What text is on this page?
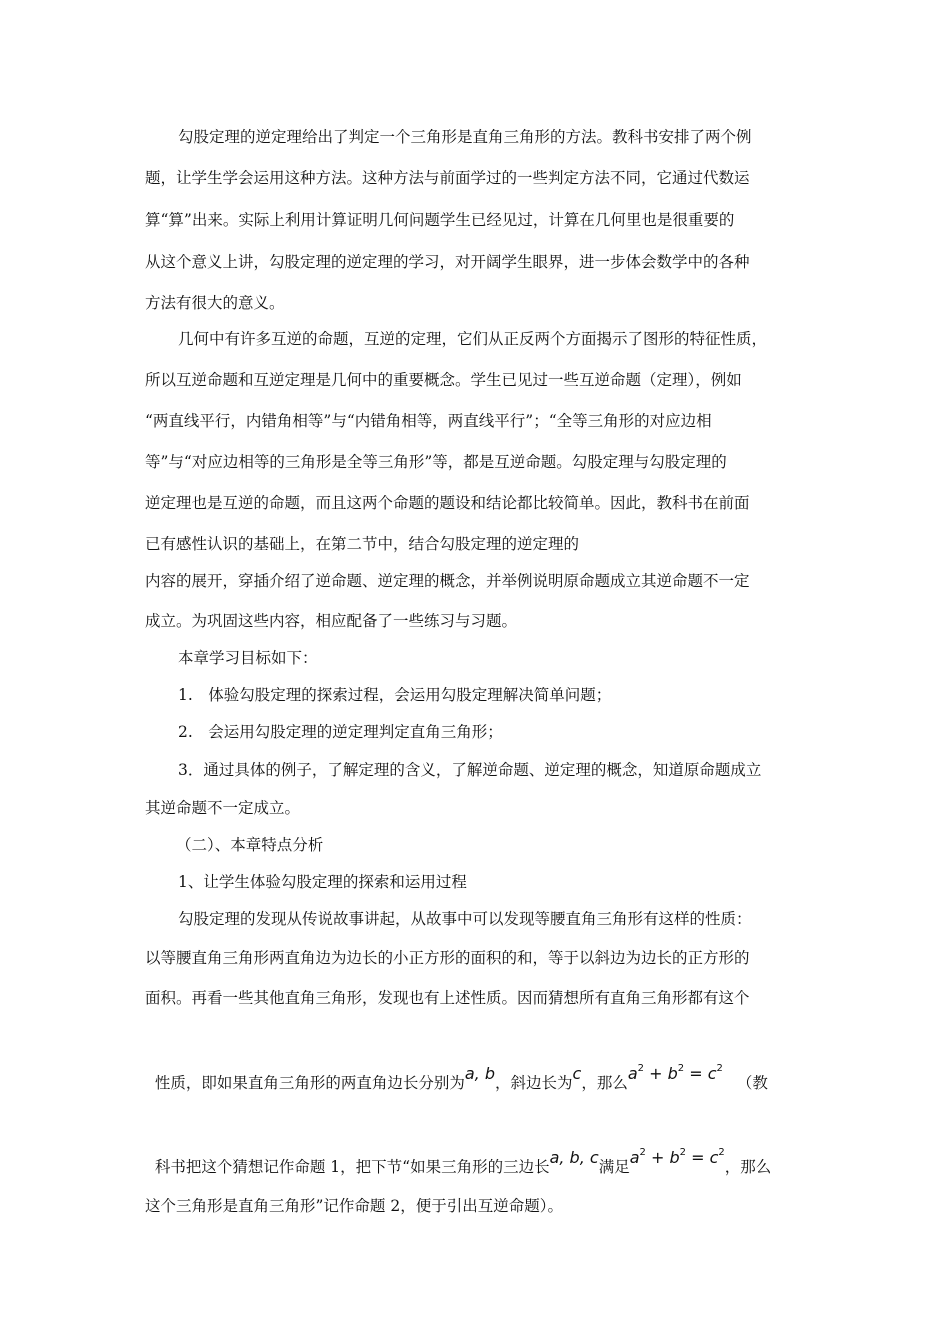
勾股定理的逆定理给出了判定一个三角形是直角三角形的方法。教科书安排了两个例
题，让学生学会运用这种方法。这种方法与前面学过的一些判定方法不同，它通过代数运
算“算”出来。实际上利用计算证明几何问题学生已经见过，计算在几何里也是很重要的
从这个意义上讲，勾股定理的逆定理的学习，对开阔学生眼界，进一步体会数学中的各种
方法有很大的意义。
几何中有许多互逆的命题，互逆的定理，它们从正反两个方面揭示了图形的特征性质，
所以互逆命题和互逆定理是几何中的重要概念。学生已见过一些互逆命题（定理），例如
“两直线平行，内错角相等”与“内错角相等，两直线平行”；“全等三角形的对应边相
等”与“对应边相等的三角形是全等三角形”等，都是互逆命题。勾股定理与勾股定理的
逆定理也是互逆的命题，而且这两个命题的题设和结论都比较简单。因此，教科书在前面
已有感性认识的基础上，在第二节中，结合勾股定理的逆定理的
内容的展开，穿插介绍了逆命题、逆定理的概念，并举例说明原命题成立其逆命题不一定
成立。为巩固这些内容，相应配备了一些练习与习题。
本章学习目标如下：
1.　体验勾股定理的探索过程，会运用勾股定理解决简单问题；
2.　会运用勾股定理的逆定理判定直角三角形；
3．通过具体的例子，了解定理的含义，了解逆命题、逆定理的概念，知道原命题成立
其逆命题不一定成立。
（二）、本章特点分析
1、让学生体验勾股定理的探索和运用过程
勾股定理的发现从传说故事讲起，从故事中可以发现等腰直角三角形有这样的性质：
以等腰直角三角形两直角边为边长的小正方形的面积的和，等于以斜边为边长的正方形的
面积。再看一些其他直角三角形，发现也有上述性质。因而猜想所有直角三角形都有这个

性质，即如果直角三角形的两直角边长分别为a, b，斜边长为c，那么$a^2 + b^2 = c^2$（教

科书把这个猜想记作命题 1，把下节“如果三角形的三边长a, b, c满足$a^2 + b^2 = c^2$，那么

这个三角形是直角三角形”记作命题 2，便于引出互逆命题）。
